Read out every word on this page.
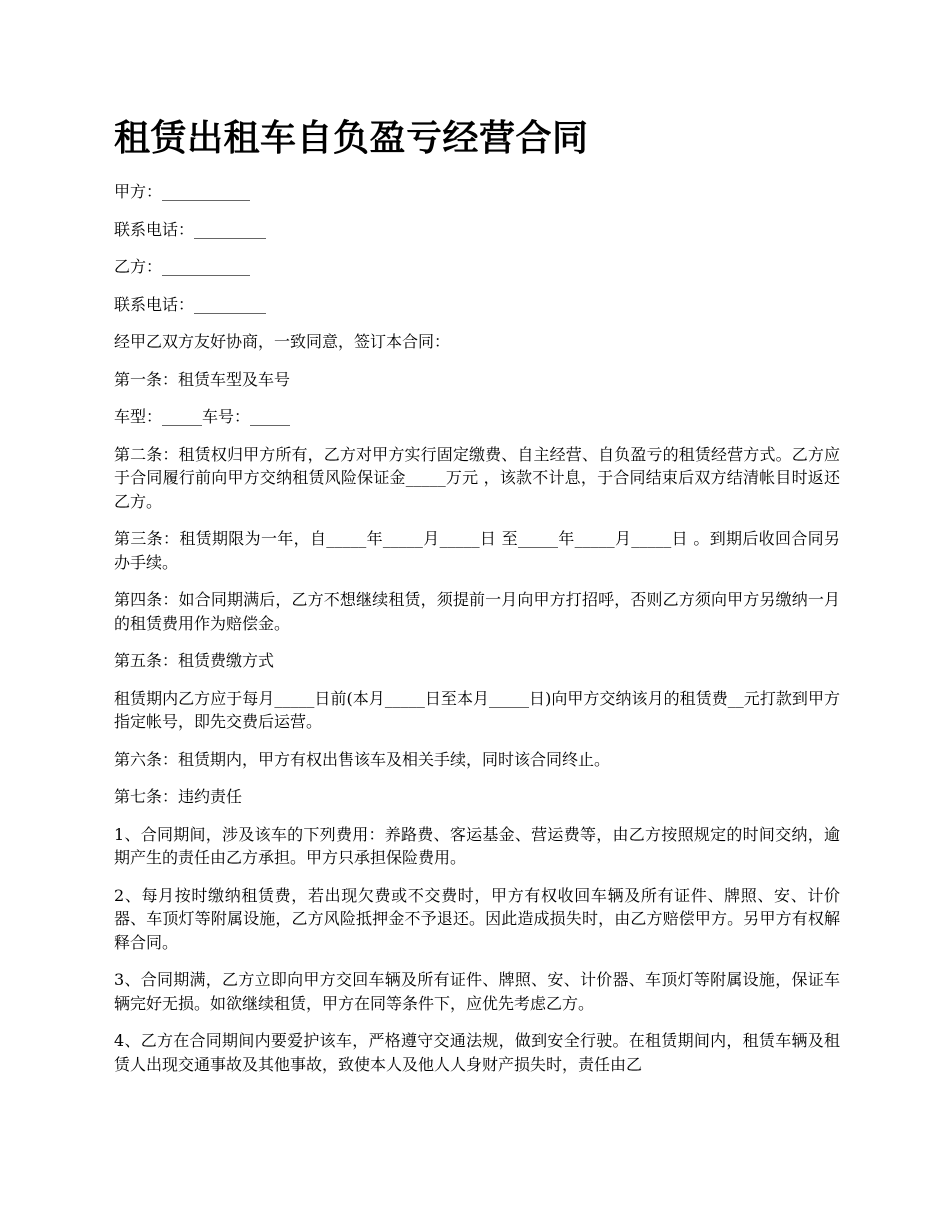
租赁出租车自负盈亏经营合同

甲方：___________

联系电话：_________

乙方：___________

联系电话：_________

经甲乙双方友好协商，一致同意，签订本合同：

第一条：租赁车型及车号

车型：_____车号：_____

第二条：租赁权归甲方所有，乙方对甲方实行固定缴费、自主经营、自负盈亏的租赁经营方式。乙方应于合同履行前向甲方交纳租赁风险保证金_____万元 ，该款不计息，于合同结束后双方结清帐目时返还乙方。

第三条：租赁期限为一年，自_____年_____月_____日 至_____年_____月_____日 。到期后收回合同另办手续。

第四条：如合同期满后，乙方不想继续租赁，须提前一月向甲方打招呼，否则乙方须向甲方另缴纳一月的租赁费用作为赔偿金。

第五条：租赁费缴方式

租赁期内乙方应于每月_____日前(本月_____日至本月_____日)向甲方交纳该月的租赁费__元打款到甲方指定帐号，即先交费后运营。

第六条：租赁期内，甲方有权出售该车及相关手续，同时该合同终止。

第七条：违约责任

1、合同期间，涉及该车的下列费用：养路费、客运基金、营运费等，由乙方按照规定的时间交纳，逾期产生的责任由乙方承担。甲方只承担保险费用。

2、每月按时缴纳租赁费，若出现欠费或不交费时，甲方有权收回车辆及所有证件、牌照、安、计价器、车顶灯等附属设施，乙方风险抵押金不予退还。因此造成损失时，由乙方赔偿甲方。另甲方有权解释合同。

3、合同期满，乙方立即向甲方交回车辆及所有证件、牌照、安、计价器、车顶灯等附属设施，保证车辆完好无损。如欲继续租赁，甲方在同等条件下，应优先考虑乙方。

4、乙方在合同期间内要爱护该车，严格遵守交通法规，做到安全行驶。在租赁期间内，租赁车辆及租赁人出现交通事故及其他事故，致使本人及他人人身财产损失时，责任由乙
